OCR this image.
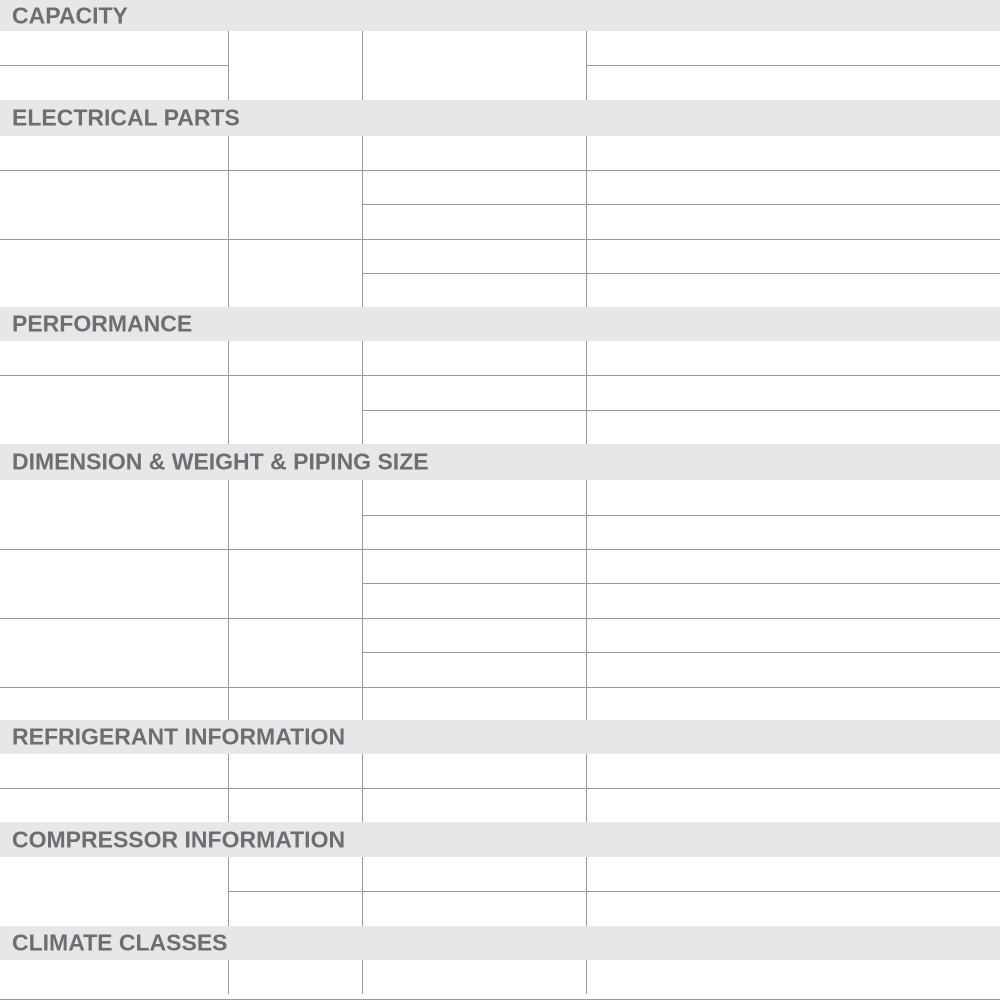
CAPACITY
ELECTRICAL PARTS
PERFORMANCE
DIMENSION & WEIGHT & PIPING SIZE
REFRIGERANT INFORMATION
COMPRESSOR INFORMATION
CLIMATE CLASSES
